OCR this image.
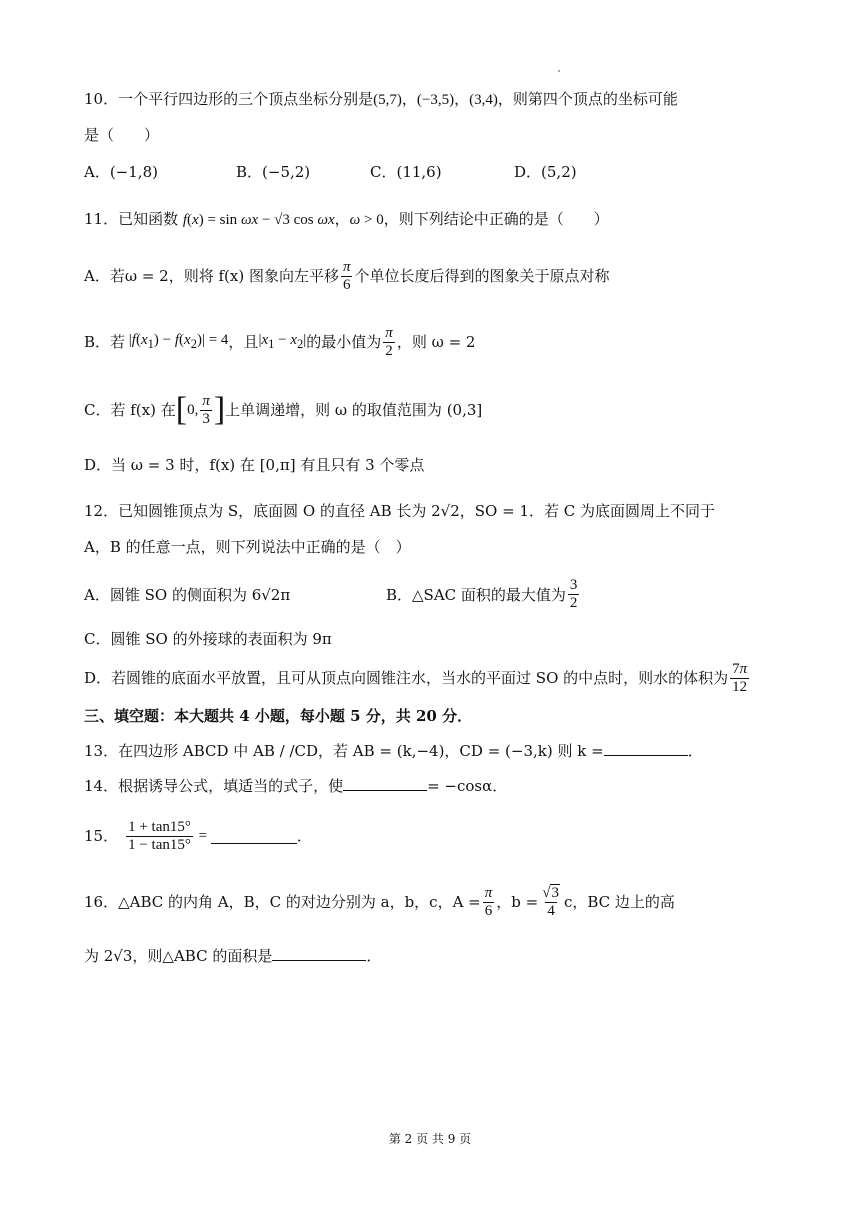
10．一个平行四边形的三个顶点坐标分别是(5,7)，(−3,5)，(3,4)，则第四个顶点的坐标可能
是（　　）
A．(−1,8)	B．(−5,2)	C．(11,6)	D．(5,2)
11．已知函数 f(x) = sin ωx − √3 cos ωx，ω > 0，则下列结论中正确的是（　　）
A．若ω = 2，则将 f(x) 图象向左平移 $\frac{\pi}{6}$ 个单位长度后得到的图象关于原点对称
B．若 $|f(x_1) - f(x_2)| = 4$ ，且 $|x_1 - x_2|$ 的最小值为 $\frac{\pi}{2}$ ，则 ω = 2
C．若 f(x) 在 [ 0, $\frac{\pi}{3}$ ] 上单调递增，则 ω 的取值范围为 (0,3]
D．当 ω = 3 时，f(x) 在 [0,π] 有且只有 3 个零点
12．已知圆锥顶点为 S，底面圆 O 的直径 AB 长为 2√2，SO = 1．若 C 为底面圆周上不同于
A，B 的任意一点，则下列说法中正确的是（　）
A．圆锥 SO 的侧面积为 6√2π	B．△SAC 面积的最大值为 $\frac{3}{2}$
C．圆锥 SO 的外接球的表面积为 9π
D．若圆锥的底面水平放置，且可从顶点向圆锥注水，当水的平面过 SO 的中点时，则水的体积为 $\frac{7\pi}{12}$
三、填空题：本大题共 4 小题，每小题 5 分，共 20 分．
13．在四边形 ABCD 中 AB / /CD，若 AB = (k,−4)，CD = (−3,k) 则 k =	．
14．根据诱导公式，填适当的式子，使	= −cosα．
15． $\frac{1 + \tan 15^\circ}{1 - \tan 15^\circ}$ =	．
16．△ABC 的内角 A，B，C 的对边分别为 a，b，c，$A = \frac{\pi}{6}$ ，$b = \frac{√3}{4}$ c，BC 边上的高
为 2√3，则△ABC 的面积是	．
第 2 页 共 9 页
